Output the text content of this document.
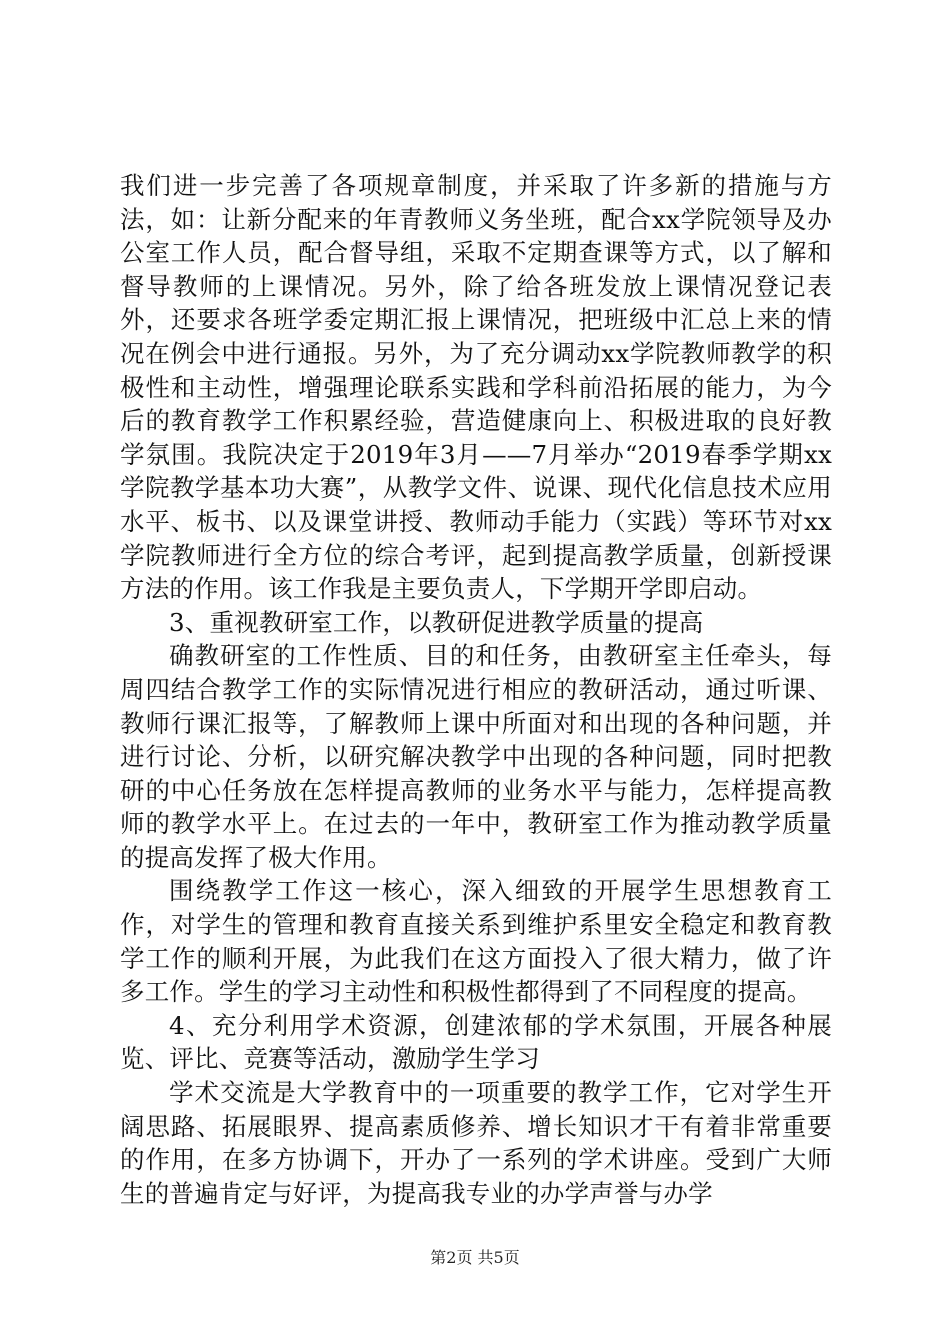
我们进一步完善了各项规章制度，并采取了许多新的措施与方法，如：让新分配来的年青教师义务坐班，配合xx学院领导及办公室工作人员，配合督导组，采取不定期查课等方式，以了解和督导教师的上课情况。另外，除了给各班发放上课情况登记表外，还要求各班学委定期汇报上课情况，把班级中汇总上来的情况在例会中进行通报。另外，为了充分调动xx学院教师教学的积极性和主动性，增强理论联系实践和学科前沿拓展的能力，为今后的教育教学工作积累经验，营造健康向上、积极进取的良好教学氛围。我院决定于2019年3月——7月举办“2019春季学期xx学院教学基本功大赛”，从教学文件、说课、现代化信息技术应用水平、板书、以及课堂讲授、教师动手能力（实践）等环节对xx学院教师进行全方位的综合考评，起到提高教学质量，创新授课方法的作用。该工作我是主要负责人，下学期开学即启动。

3、重视教研室工作，以教研促进教学质量的提高

确教研室的工作性质、目的和任务，由教研室主任牵头，每周四结合教学工作的实际情况进行相应的教研活动，通过听课、教师行课汇报等，了解教师上课中所面对和出现的各种问题，并进行讨论、分析，以研究解决教学中出现的各种问题，同时把教研的中心任务放在怎样提高教师的业务水平与能力，怎样提高教师的教学水平上。在过去的一年中，教研室工作为推动教学质量的提高发挥了极大作用。

围绕教学工作这一核心，深入细致的开展学生思想教育工作，对学生的管理和教育直接关系到维护系里安全稳定和教育教学工作的顺利开展，为此我们在这方面投入了很大精力，做了许多工作。学生的学习主动性和积极性都得到了不同程度的提高。

4、充分利用学术资源，创建浓郁的学术氛围，开展各种展览、评比、竞赛等活动，激励学生学习

学术交流是大学教育中的一项重要的教学工作，它对学生开阔思路、拓展眼界、提高素质修养、增长知识才干有着非常重要的作用，在多方协调下，开办了一系列的学术讲座。受到广大师生的普遍肯定与好评，为提高我专业的办学声誉与办学

第2页 共5页
